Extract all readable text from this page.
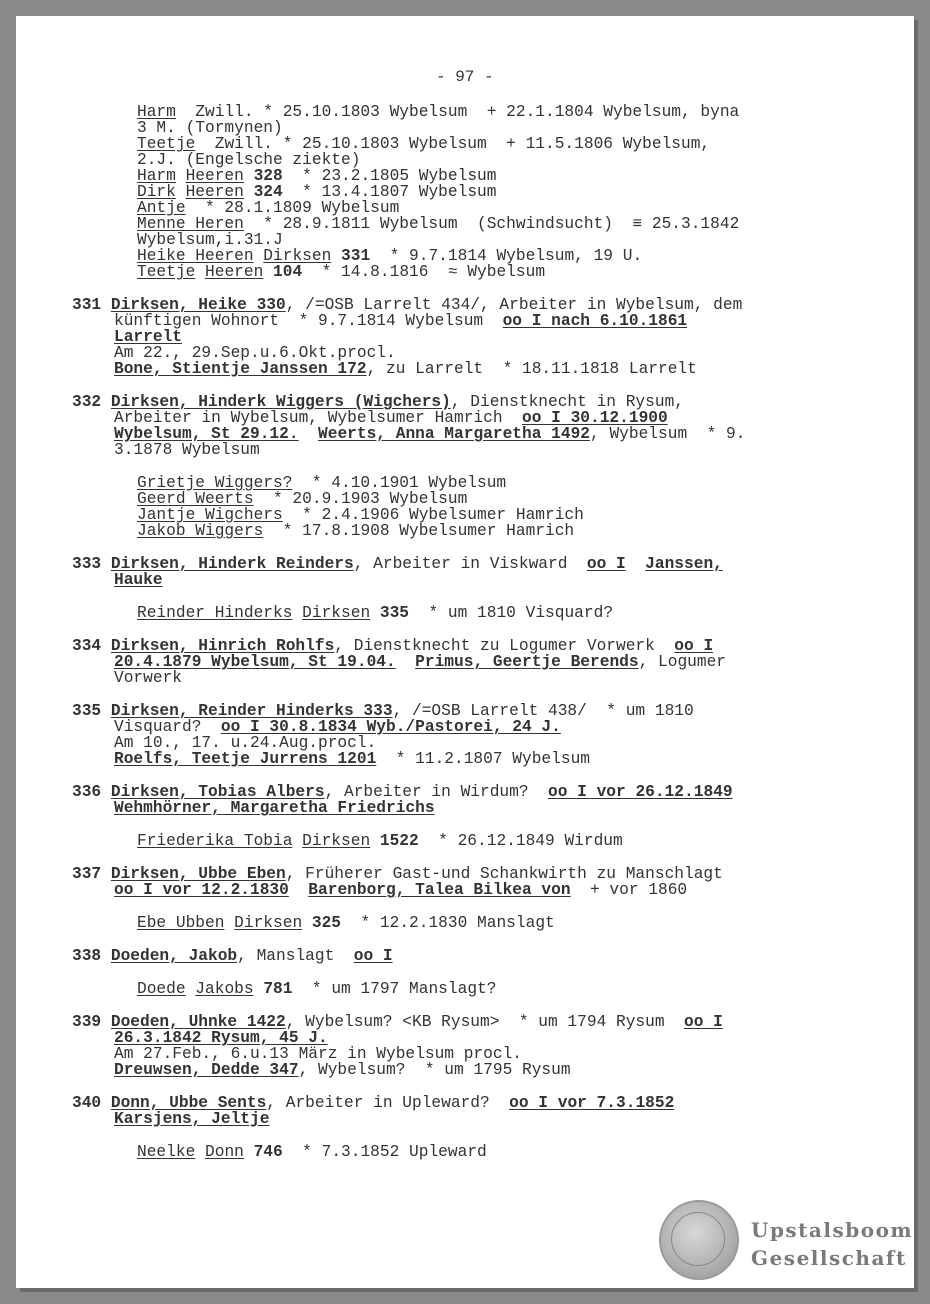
- 97 -
Harm  Zwill. * 25.10.1803 Wybelsum  + 22.1.1804 Wybelsum, byna
3 M. (Tormynen)
Teetje  Zwill. * 25.10.1803 Wybelsum  + 11.5.1806 Wybelsum,
2.J. (Engelsche ziekte)
Harm Heeren 328  * 23.2.1805 Wybelsum
Dirk Heeren 324  * 13.4.1807 Wybelsum
Antje  * 28.1.1809 Wybelsum
Menne Heren  * 28.9.1811 Wybelsum  (Schwindsucht)  ≡ 25.3.1842
Wybelsum,i.31.J
Heike Heeren Dirksen 331  * 9.7.1814 Wybelsum, 19 U.
Teetje Heeren 104  * 14.8.1816  ≈ Wybelsum
331 Dirksen, Heike 330, /=OSB Larrelt 434/, Arbeiter in Wybelsum, dem
künftigen Wohnort  * 9.7.1814 Wybelsum  oo I nach 6.10.1861
Larrelt
Am 22., 29.Sep.u.6.Okt.procl.
Bone, Stientje Janssen 172, zu Larrelt  * 18.11.1818 Larrelt
332 Dirksen, Hinderk Wiggers (Wigchers), Dienstknecht in Rysum,
Arbeiter in Wybelsum, Wybelsumer Hamrich  oo I 30.12.1900
Wybelsum, St 29.12. Weerts, Anna Margaretha 1492, Wybelsum  * 9.
3.1878 Wybelsum
Grietje Wiggers?  * 4.10.1901 Wybelsum
Geerd Weerts  * 20.9.1903 Wybelsum
Jantje Wigchers  * 2.4.1906 Wybelsumer Hamrich
Jakob Wiggers  * 17.8.1908 Wybelsumer Hamrich
333 Dirksen, Hinderk Reinders, Arbeiter in Viskward  oo I Janssen,
Hauke
Reinder Hinderks Dirksen 335  * um 1810 Visquard?
334 Dirksen, Hinrich Rohlfs, Dienstknecht zu Logumer Vorwerk  oo I
20.4.1879 Wybelsum, St 19.04. Primus, Geertje Berends, Logumer
Vorwerk
335 Dirksen, Reinder Hinderks 333, /=OSB Larrelt 438/  * um 1810
Visquard?  oo I 30.8.1834 Wyb./Pastorei, 24 J.
Am 10., 17. u.24.Aug.procl.
Roelfs, Teetje Jurrens 1201  * 11.2.1807 Wybelsum
336 Dirksen, Tobias Albers, Arbeiter in Wirdum?  oo I vor 26.12.1849
Wehmhörner, Margaretha Friedrichs
Friederika Tobia Dirksen 1522  * 26.12.1849 Wirdum
337 Dirksen, Ubbe Eben, Früherer Gast-und Schankwirth zu Manschlagt
oo I vor 12.2.1830 Barenborg, Talea Bilkea von  + vor 1860
Ebe Ubben Dirksen 325  * 12.2.1830 Manslagt
338 Doeden, Jakob, Manslagt  oo I
Doede Jakobs 781  * um 1797 Manslagt?
339 Doeden, Uhnke 1422, Wybelsum? <KB Rysum>  * um 1794 Rysum  oo I
26.3.1842 Rysum, 45 J.
Am 27.Feb., 6.u.13 März in Wybelsum procl.
Dreuwsen, Dedde 347, Wybelsum?  * um 1795 Rysum
340 Donn, Ubbe Sents, Arbeiter in Upleward?  oo I vor 7.3.1852
Karsjens, Jeltje
Neelke Donn 746  * 7.3.1852 Upleward
Upstalsboom
Gesellschaft
